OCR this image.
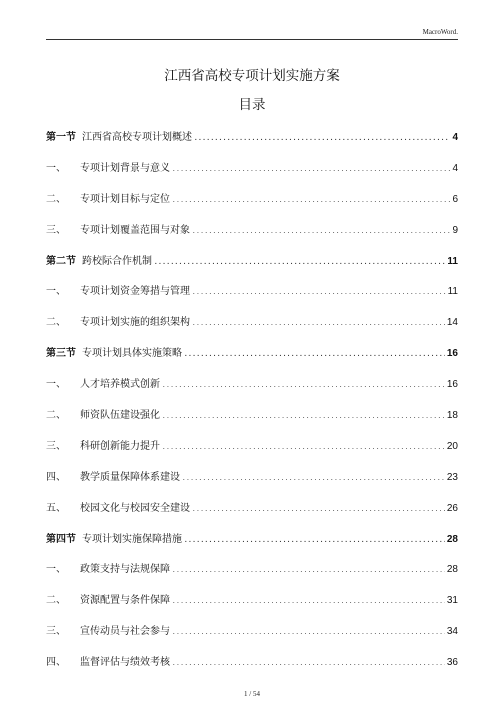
MacroWord.
江西省高校专项计划实施方案
目录
第一节 江西省高校专项计划概述 .....	4
一、	专项计划背景与意义 .....	4
二、	专项计划目标与定位 .....	6
三、	专项计划覆盖范围与对象 .....	9
第二节 跨校际合作机制 .....	11
一、	专项计划资金筹措与管理 .....	11
二、	专项计划实施的组织架构 .....	14
第三节 专项计划具体实施策略 .....	16
一、	人才培养模式创新 .....	16
二、	师资队伍建设强化 .....	18
三、	科研创新能力提升 .....	20
四、	教学质量保障体系建设 .....	23
五、	校园文化与校园安全建设 .....	26
第四节 专项计划实施保障措施 .....	28
一、	政策支持与法规保障 .....	28
二、	资源配置与条件保障 .....	31
三、	宣传动员与社会参与 .....	34
四、	监督评估与绩效考核 .....	36
1 / 54
